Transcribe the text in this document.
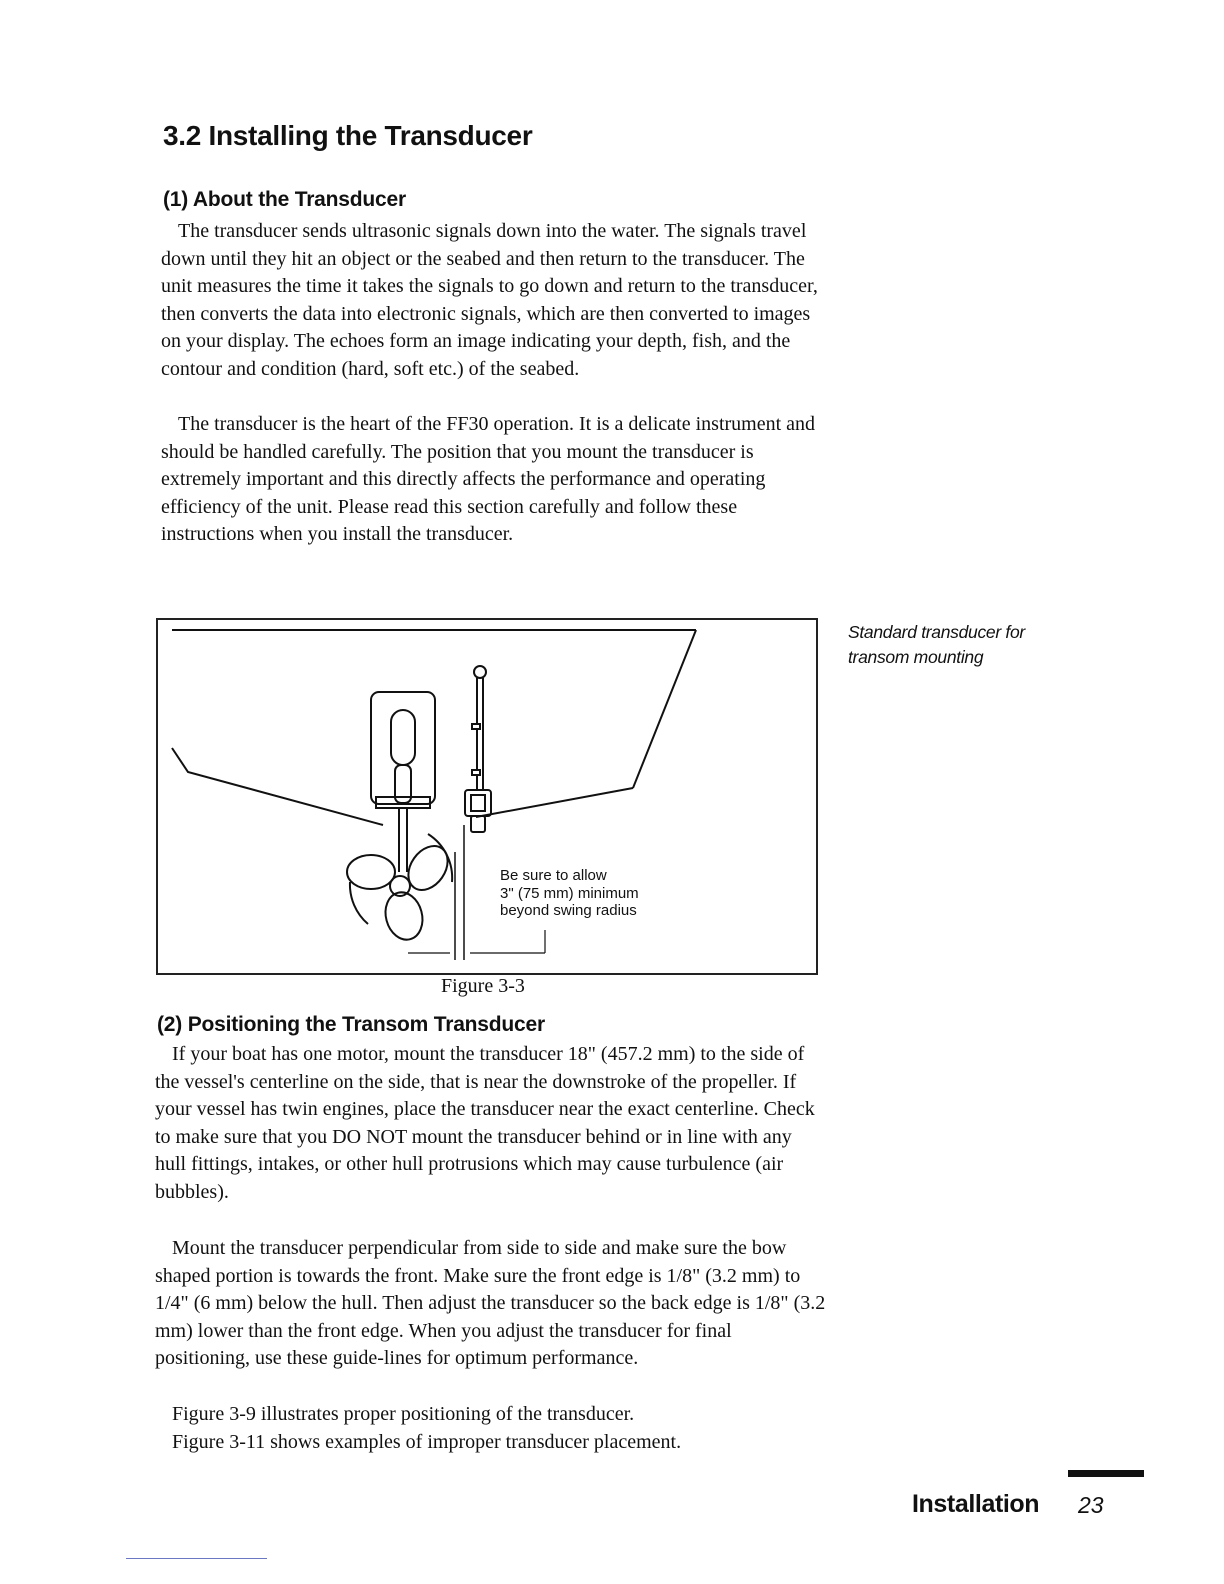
3.2 Installing the Transducer
(1) About the Transducer

The transducer sends ultrasonic signals down into the water. The signals travel down until they hit an object or the seabed and then return to the transducer. The unit measures the time it takes the signals to go down and return to the transducer, then converts the data into electronic signals, which are then converted to images on your display. The echoes form an image indicating your depth, fish, and the contour and condition (hard, soft etc.) of the seabed.

The transducer is the heart of the FF30 operation. It is a delicate instrument and should be handled carefully. The position that you mount the transducer is extremely important and this directly affects the performance and operating efficiency of the unit. Please read this section carefully and follow these instructions when you install the transducer.

Be sure to allow
3" (75 mm) minimum
beyond swing radius

Figure 3-3

Standard transducer for transom mounting

(2) Positioning the Transom Transducer

If your boat has one motor, mount the transducer 18" (457.2 mm) to the side of the vessel's centerline on the side, that is near the downstroke of the propeller. If your vessel has twin engines, place the transducer near the exact centerline. Check to make sure that you DO NOT mount the transducer behind or in line with any hull fittings, intakes, or other hull protrusions which may cause turbulence (air bubbles).

Mount the transducer perpendicular from side to side and make sure the bow shaped portion is towards the front. Make sure the front edge is 1/8" (3.2 mm) to 1/4" (6 mm) below the hull. Then adjust the transducer so the back edge is 1/8" (3.2 mm) lower than the front edge. When you adjust the transducer for final positioning, use these guide-lines for optimum performance.

Figure 3-9 illustrates proper positioning of the transducer.

Figure 3-11 shows examples of improper transducer placement.

Installation 23
